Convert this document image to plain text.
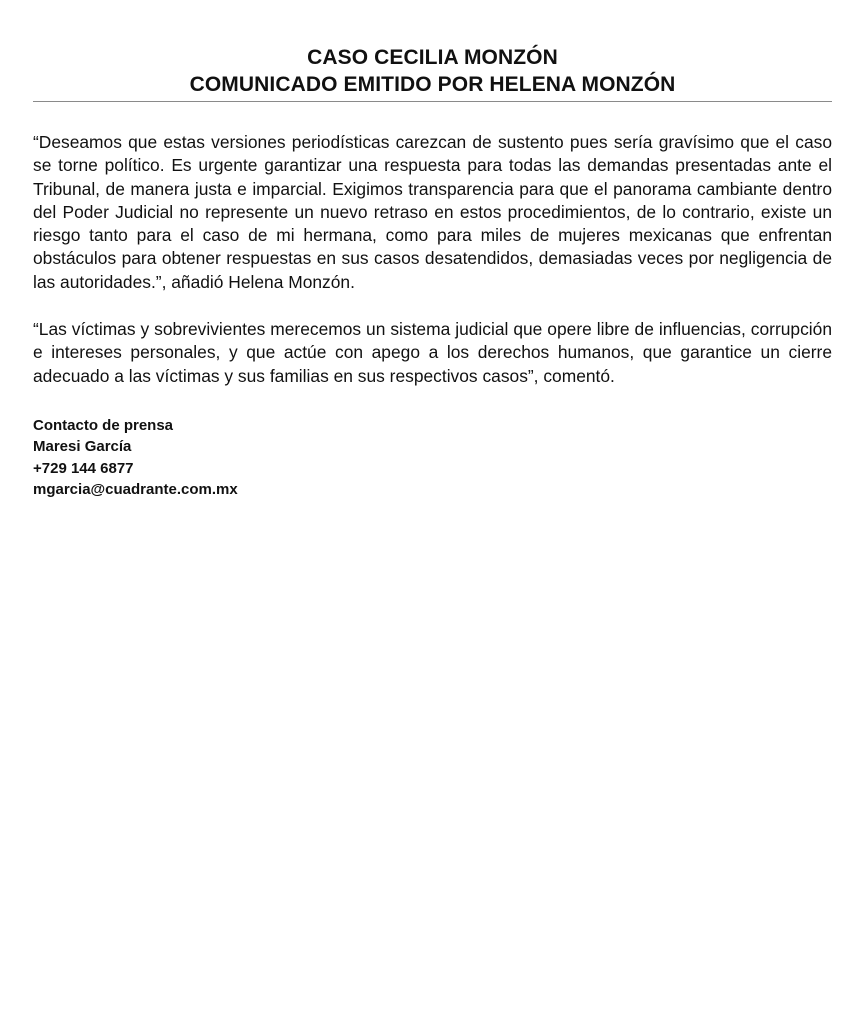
CASO CECILIA MONZÓN
COMUNICADO EMITIDO POR HELENA MONZÓN

“Deseamos que estas versiones periodísticas carezcan de sustento pues sería gravísimo que el caso se torne político. Es urgente garantizar una respuesta para todas las demandas presentadas ante el Tribunal, de manera justa e imparcial. Exigimos transparencia para que el panorama cambiante dentro del Poder Judicial no represente un nuevo retraso en estos procedimientos, de lo contrario, existe un riesgo tanto para el caso de mi hermana, como para miles de mujeres mexicanas que enfrentan obstáculos para obtener respuestas en sus casos desatendidos, demasiadas veces por negligencia de las autoridades.”, añadió Helena Monzón.

“Las víctimas y sobrevivientes merecemos un sistema judicial que opere libre de influencias, corrupción e intereses personales, y que actúe con apego a los derechos humanos, que garantice un cierre adecuado a las víctimas y sus familias en sus respectivos casos”, comentó.

Contacto de prensa
Maresi García
+729 144 6877
mgarcia@cuadrante.com.mx
